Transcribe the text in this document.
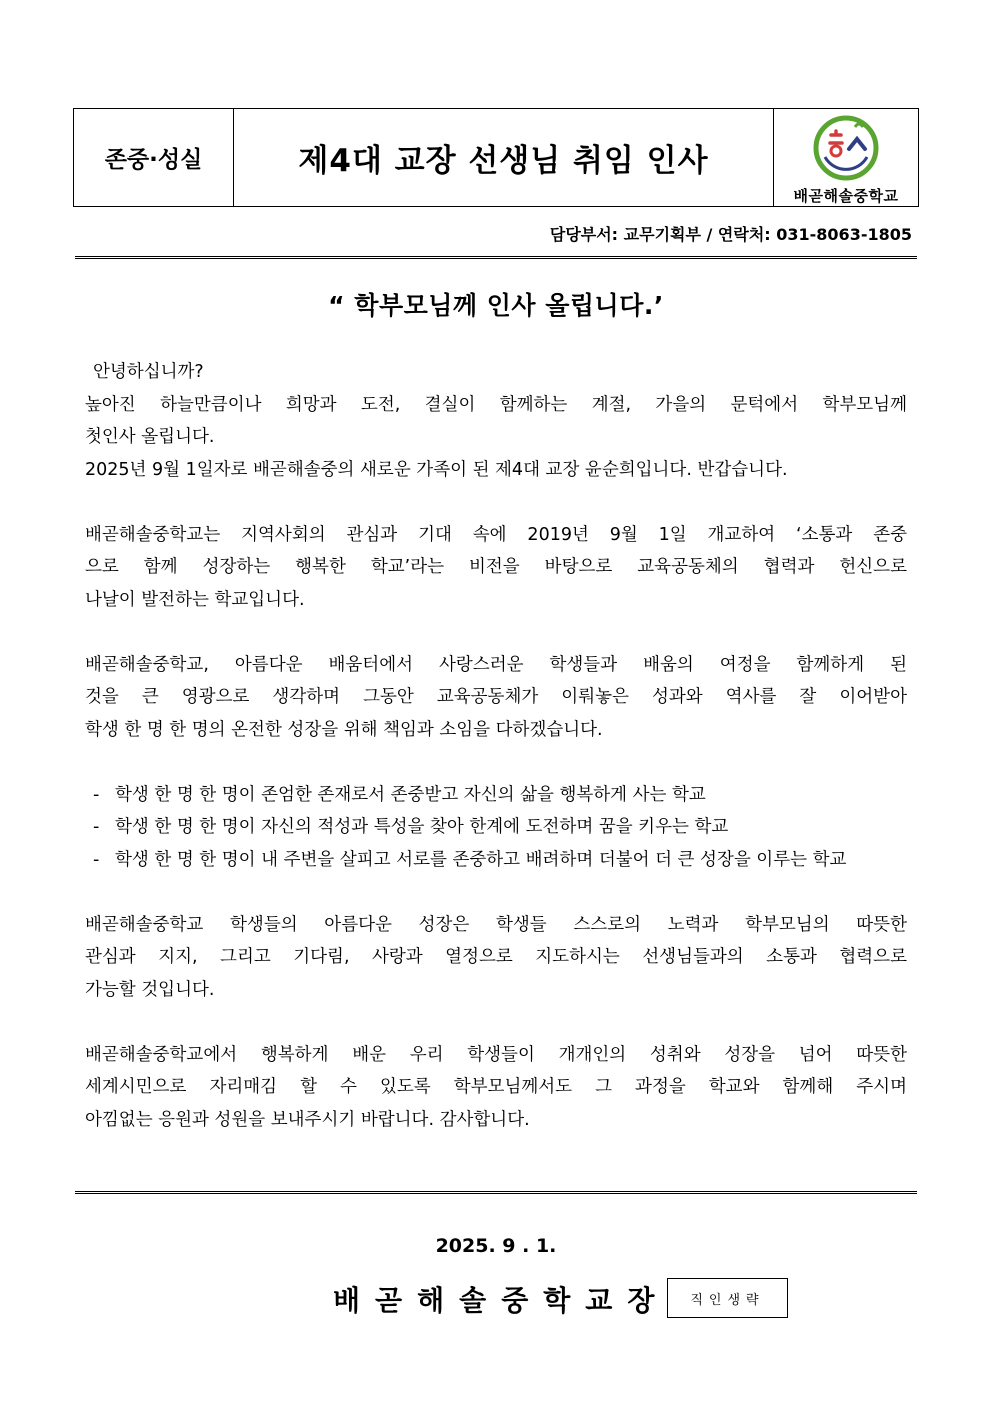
존중·성실	제4대 교장 선생님 취임 인사
배곧해솔중학교
담당부서: 교무기획부 / 연락처: 031-8063-1805
“ 학부모님께 인사 올립니다.’
안녕하십니까?
높아진 하늘만큼이나 희망과 도전, 결실이 함께하는 계절, 가을의 문턱에서 학부모님께
첫인사 올립니다.
2025년 9월 1일자로 배곧해솔중의 새로운 가족이 된 제4대 교장 윤순희입니다. 반갑습니다.
배곧해솔중학교는 지역사회의 관심과 기대 속에 2019년 9월 1일 개교하여 ‘소통과 존중
으로 함께 성장하는 행복한 학교’라는 비전을 바탕으로 교육공동체의 협력과 헌신으로
나날이 발전하는 학교입니다.
배곧해솔중학교, 아름다운 배움터에서 사랑스러운 학생들과 배움의 여정을 함께하게 된
것을 큰 영광으로 생각하며 그동안 교육공동체가 이뤄놓은 성과와 역사를 잘 이어받아
학생 한 명 한 명의 온전한 성장을 위해 책임과 소임을 다하겠습니다.
- 학생 한 명 한 명이 존엄한 존재로서 존중받고 자신의 삶을 행복하게 사는 학교
- 학생 한 명 한 명이 자신의 적성과 특성을 찾아 한계에 도전하며 꿈을 키우는 학교
- 학생 한 명 한 명이 내 주변을 살피고 서로를 존중하고 배려하며 더불어 더 큰 성장을 이루는 학교
배곧해솔중학교 학생들의 아름다운 성장은 학생들 스스로의 노력과 학부모님의 따뜻한
관심과 지지, 그리고 기다림, 사랑과 열정으로 지도하시는 선생님들과의 소통과 협력으로
가능할 것입니다.
배곧해솔중학교에서 행복하게 배운 우리 학생들이 개개인의 성취와 성장을 넘어 따뜻한
세계시민으로 자리매김 할 수 있도록 학부모님께서도 그 과정을 학교와 함께해 주시며
아낌없는 응원과 성원을 보내주시기 바랍니다. 감사합니다.
2025. 9 . 1.
배곧해솔중학교장	직인생략
